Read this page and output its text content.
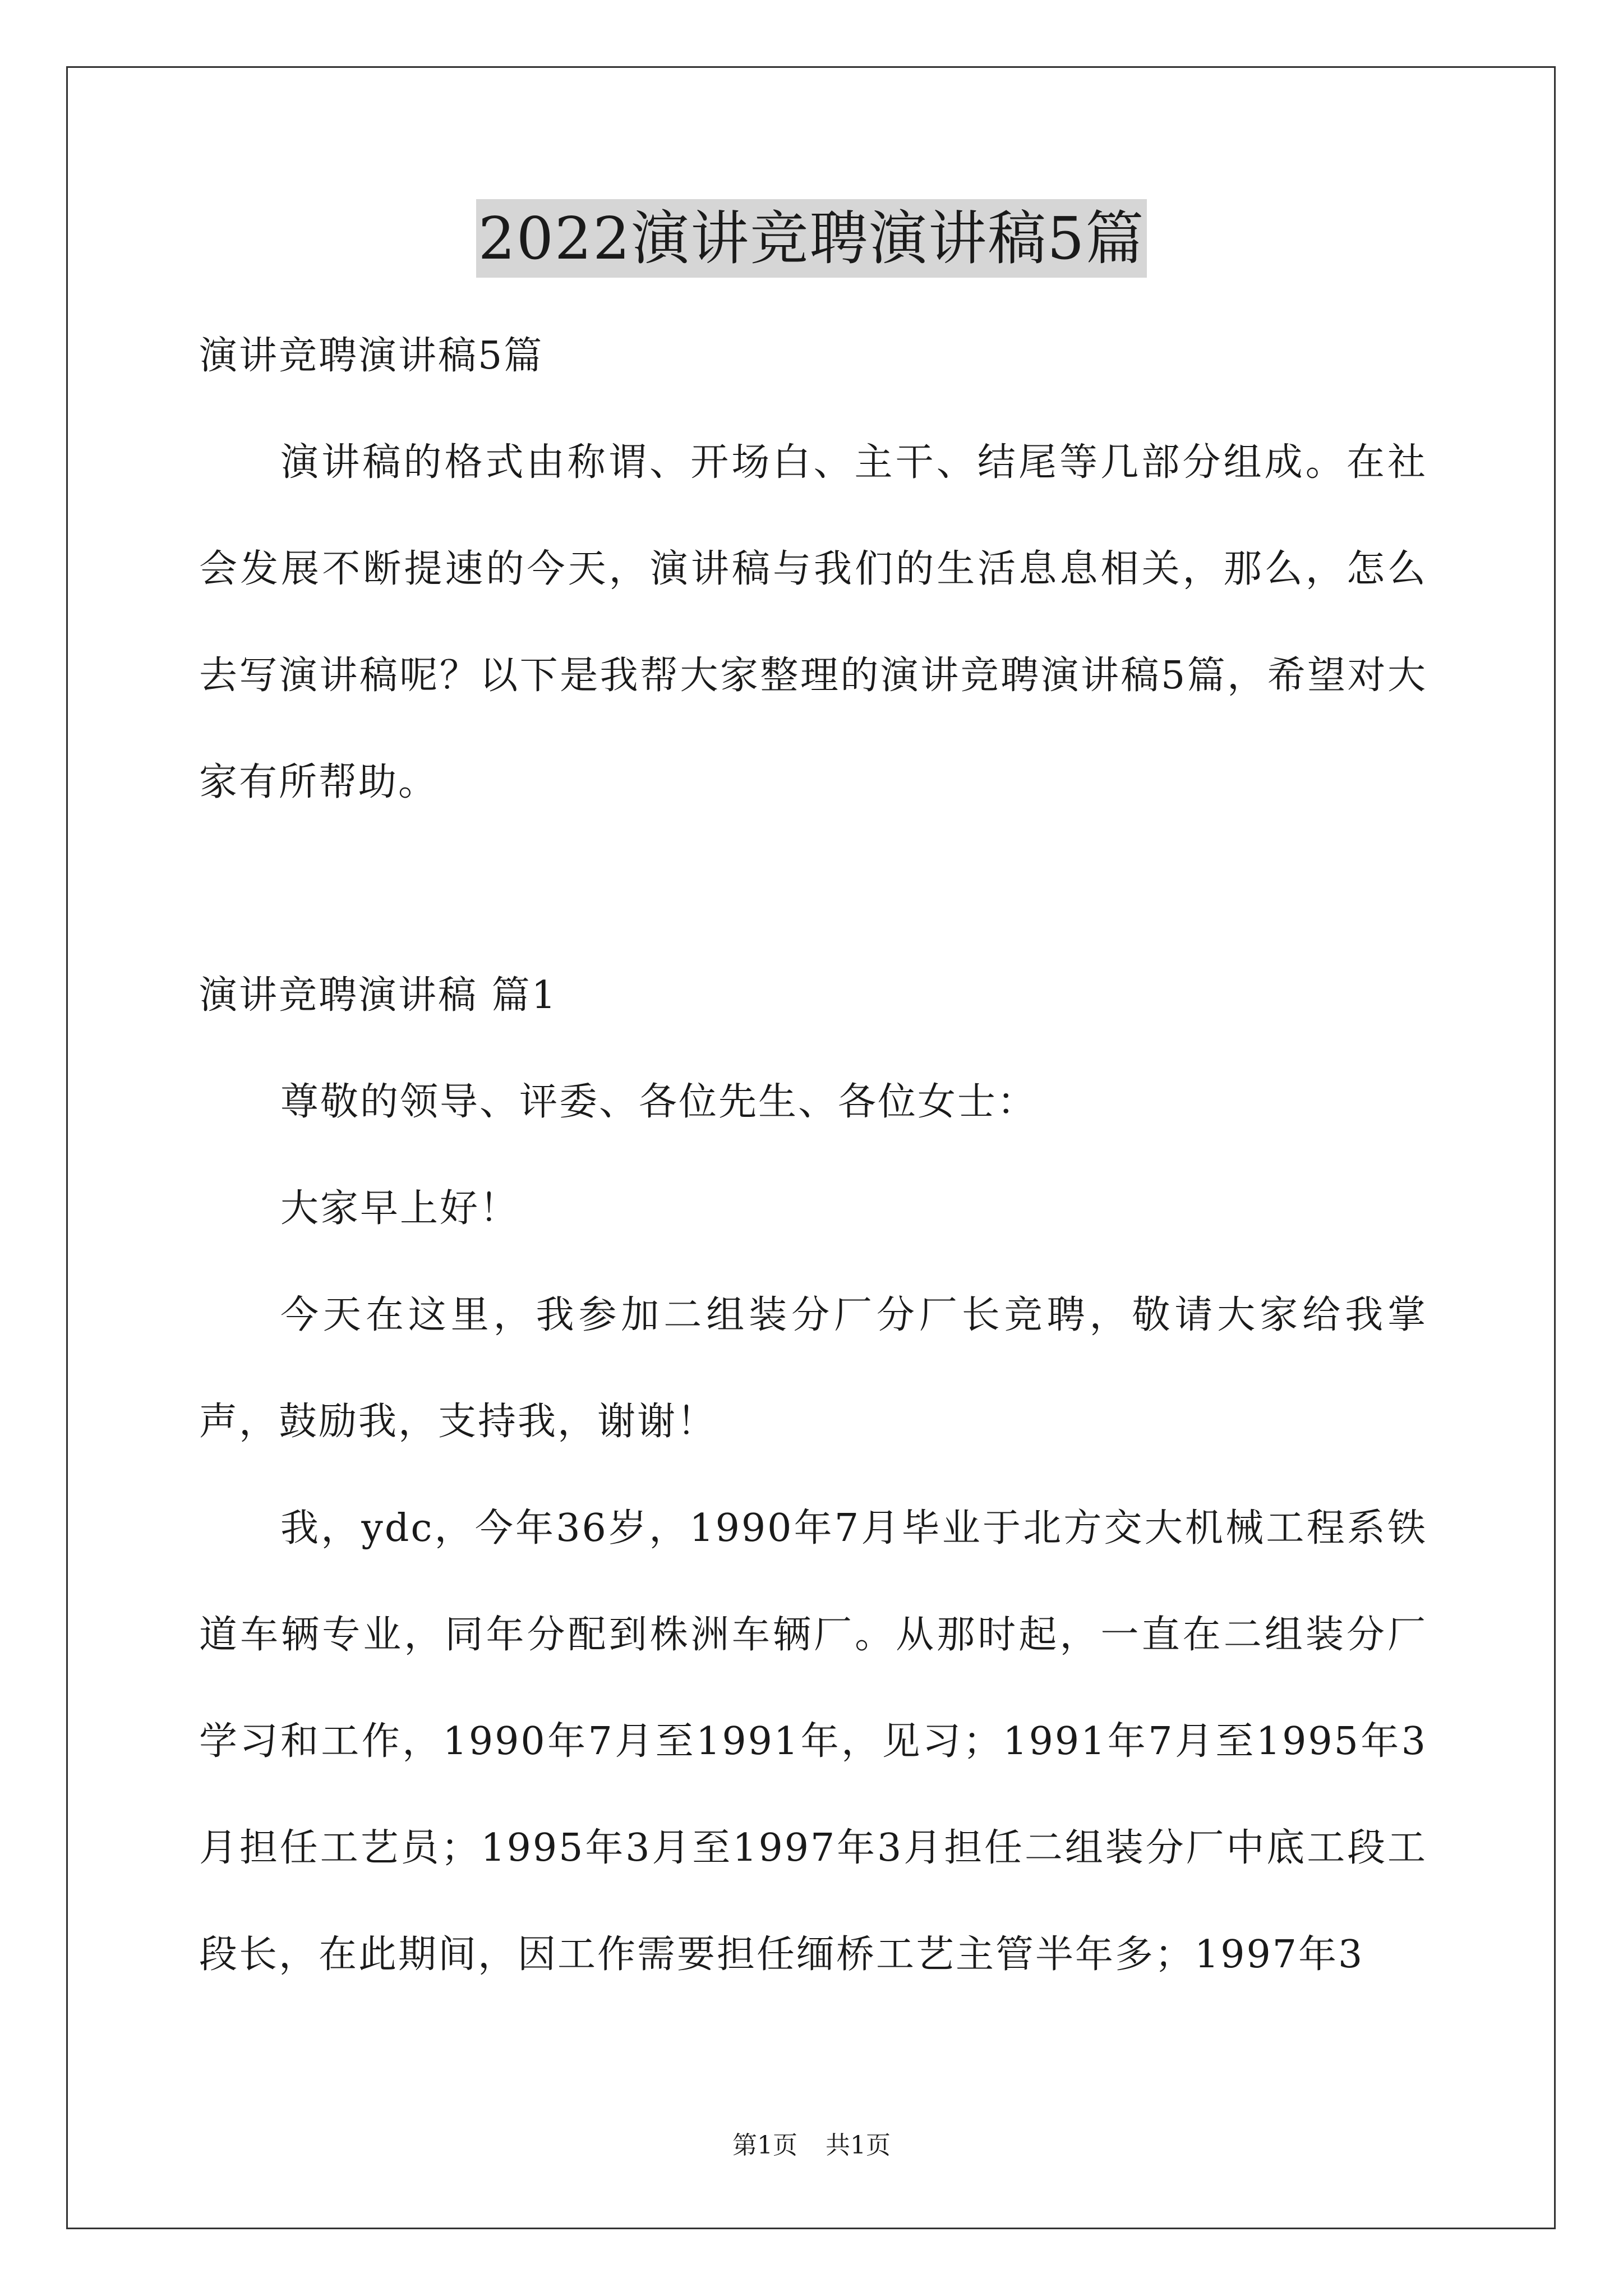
2022演讲竞聘演讲稿5篇

演讲竞聘演讲稿5篇

演讲稿的格式由称谓、开场白、主干、结尾等几部分组成。在社会发展不断提速的今天，演讲稿与我们的生活息息相关，那么，怎么去写演讲稿呢？以下是我帮大家整理的演讲竞聘演讲稿5篇，希望对大家有所帮助。

演讲竞聘演讲稿 篇1

尊敬的领导、评委、各位先生、各位女士：

大家早上好！

今天在这里，我参加二组装分厂分厂长竞聘，敬请大家给我掌声，鼓励我，支持我，谢谢！

我，ydc，今年36岁，1990年7月毕业于北方交大机械工程系铁道车辆专业，同年分配到株洲车辆厂。从那时起，一直在二组装分厂学习和工作，1990年7月至1991年，见习；1991年7月至1995年3月担任工艺员；1995年3月至1997年3月担任二组装分厂中底工段工段长，在此期间，因工作需要担任缅桥工艺主管半年多；1997年3

第1页 共1页
